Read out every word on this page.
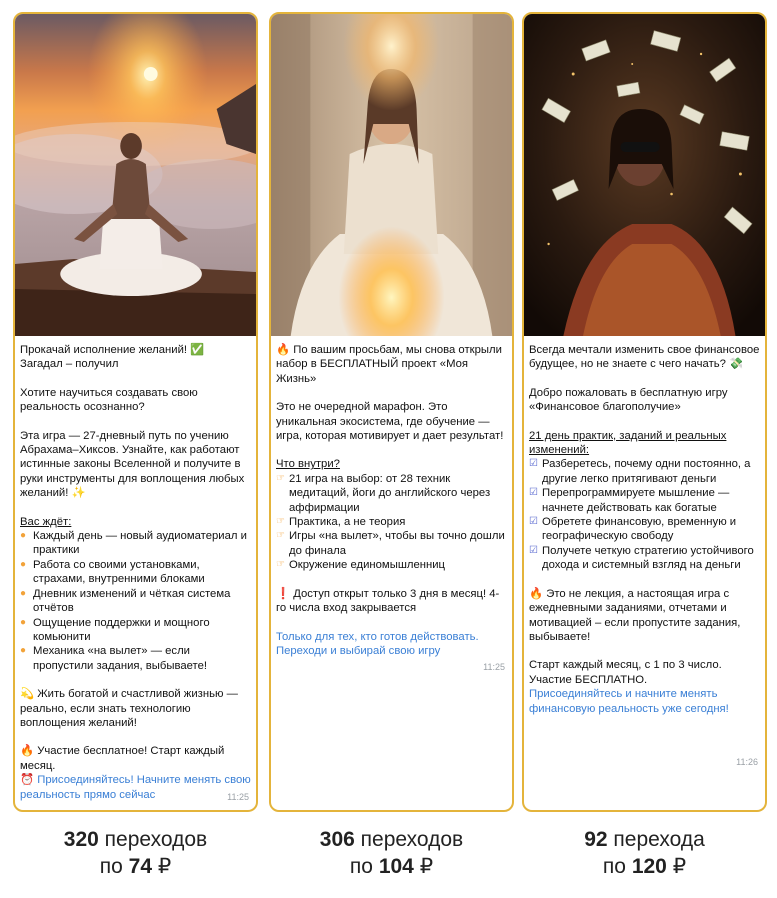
Прокачай исполнение желаний! ✅

Загадал – получил

Хотите научиться создавать свою реальность осознанно?

Эта игра — 27-дневный путь по учению Абрахама–Хиксов. Узнайте, как работают истинные законы Вселенной и получите в руки инструменты для воплощения любых желаний! ✨

Вас ждёт:

● Каждый день — новый аудиоматериал и практики
● Работа со своими установками, страхами, внутренними блоками
● Дневник изменений и чёткая система отчётов
● Ощущение поддержки и мощного комьюнити
● Механика «на вылет» — если пропустили задания, выбываете!

💫 Жить богатой и счастливой жизнью — реально, если знать технологию воплощения желаний!

🔥 Участие бесплатное! Старт каждый месяц.

⏰ Присоединяйтесь! Начните менять свою реальность прямо сейчас	11:25

🔥 По вашим просьбам, мы снова открыли набор в БЕСПЛАТНЫЙ проект «Моя Жизнь»

Это не очередной марафон. Это уникальная экосистема, где обучение — игра, которая мотивирует и дает результат!

Что внутри?

☞ 21 игра на выбор: от 28 техник медитаций, йоги до английского через аффирмации
☞ Практика, а не теория
☞ Игры «на вылет», чтобы вы точно дошли до финала
☞ Окружение единомышленниц

❗ Доступ открыт только 3 дня в месяц! 4-го числа вход закрывается

Только для тех, кто готов действовать. Переходи и выбирай свою игру

11:25

Всегда мечтали изменить свое финансовое будущее, но не знаете с чего начать? 💸

Добро пожаловать в бесплатную игру «Финансовое благополучие»

21 день практик, заданий и реальных изменений:

☑ Разберетесь, почему одни постоянно, а другие легко притягивают деньги
☑ Перепрограммируете мышление — начнете действовать как богатые
☑ Обретете финансовую, временную и географическую свободу
☑ Получете четкую стратегию устойчивого дохода и системный взгляд на деньги

🔥 Это не лекция, а настоящая игра с ежедневными заданиями, отчетами и мотивацией – если пропустите задания, выбываете!

Старт каждый месяц, с 1 по 3 число. Участие БЕСПЛАТНО.

Присоединяйтесь и начните менять финансовую реальность уже сегодня!

11:26
320 переходов
по 74 ₽
306 переходов
по 104 ₽
92 перехода
по 120 ₽
